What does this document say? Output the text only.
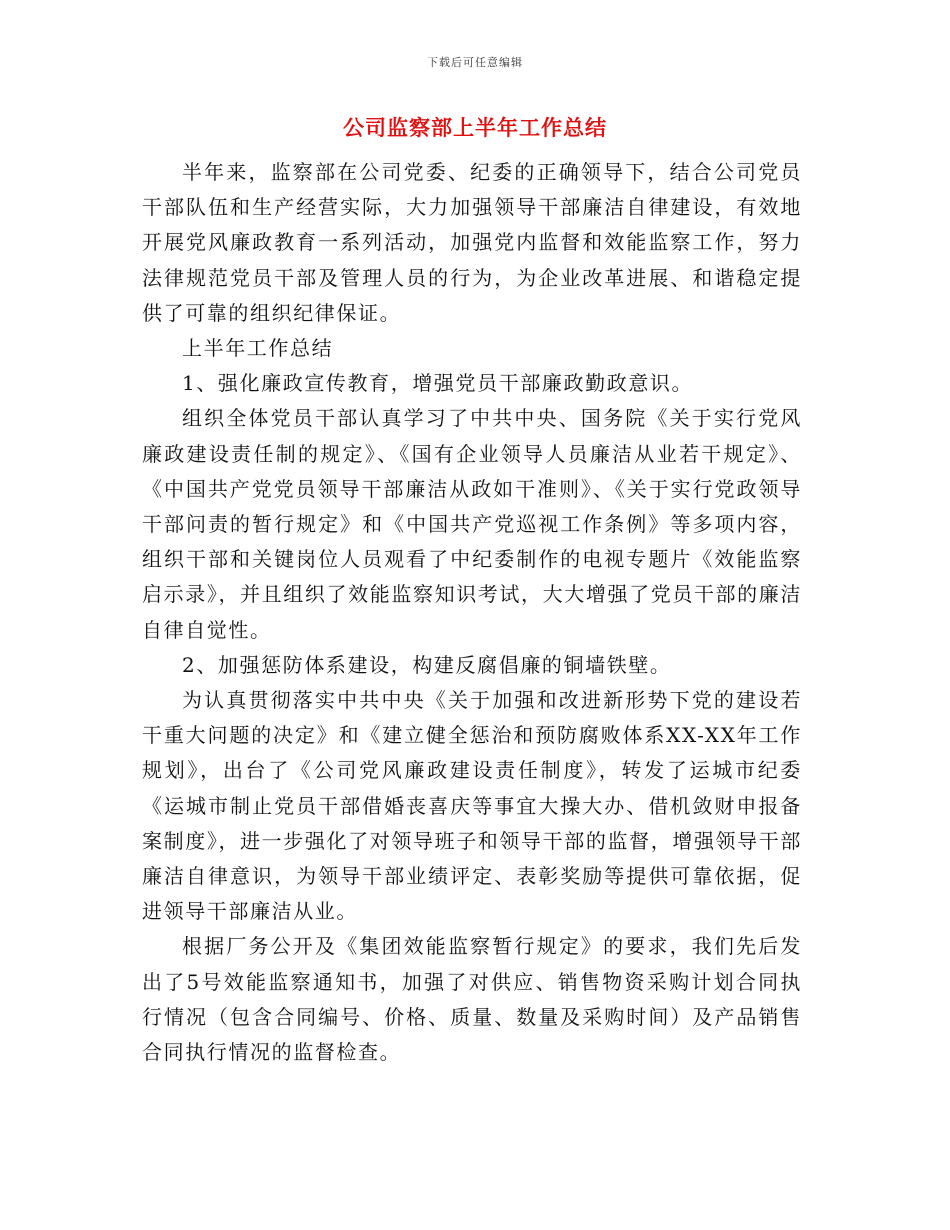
下载后可任意编辑
公司监察部上半年工作总结

半年来，监察部在公司党委、纪委的正确领导下，结合公司党员干部队伍和生产经营实际，大力加强领导干部廉洁自律建设，有效地开展党风廉政教育一系列活动，加强党内监督和效能监察工作，努力法律规范党员干部及管理人员的行为，为企业改革进展、和谐稳定提供了可靠的组织纪律保证。

上半年工作总结

1、强化廉政宣传教育，增强党员干部廉政勤政意识。

组织全体党员干部认真学习了中共中央、国务院《关于实行党风廉政建设责任制的规定》、《国有企业领导人员廉洁从业若干规定》、《中国共产党党员领导干部廉洁从政如干准则》、《关于实行党政领导干部问责的暂行规定》和《中国共产党巡视工作条例》等多项内容，组织干部和关键岗位人员观看了中纪委制作的电视专题片《效能监察启示录》，并且组织了效能监察知识考试，大大增强了党员干部的廉洁自律自觉性。

2、加强惩防体系建设，构建反腐倡廉的铜墙铁壁。

为认真贯彻落实中共中央《关于加强和改进新形势下党的建设若干重大问题的决定》和《建立健全惩治和预防腐败体系XX-XX年工作规划》，出台了《公司党风廉政建设责任制度》，转发了运城市纪委《运城市制止党员干部借婚丧喜庆等事宜大操大办、借机敛财申报备案制度》，进一步强化了对领导班子和领导干部的监督，增强领导干部廉洁自律意识，为领导干部业绩评定、表彰奖励等提供可靠依据，促进领导干部廉洁从业。

根据厂务公开及《集团效能监察暂行规定》的要求，我们先后发出了5号效能监察通知书，加强了对供应、销售物资采购计划合同执行情况（包含合同编号、价格、质量、数量及采购时间）及产品销售合同执行情况的监督检查。
